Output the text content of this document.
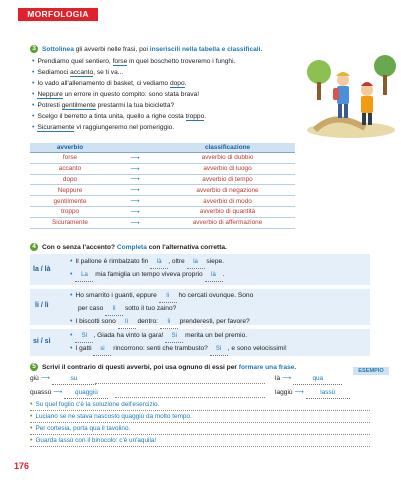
MORFOLOGIA
3 Sottolinea gli avverbi nelle frasi, poi inseriscili nella tabella e classificali.
• Prendiamo quel sentiero, forse in quel boschetto troveremo i funghi.
• Sediamoci accanto, se ti va...
• Io vado all'allenamento di basket, ci vediamo dopo.
• Neppure un errore in questo compito: sono stata brava!
• Potresti gentilmente prestarmi la tua bicicletta?
• Scelgo il berretto a tinta unita, quello a righe costa troppo.
• Sicuramente vi raggiungeremo nel pomeriggio.
avverbio		classificazione
forse	⟶	avverbio di dubbio
accanto	⟶	avverbio di luogo
dopo	⟶	avverbio di tempo
Neppure	⟶	avverbio di negazione
gentilmente	⟶	avverbio di modo
troppo	⟶	avverbio di quantità
Sicuramente	⟶	avverbio di affermazione
4 Con o senza l'accento? Completa con l'alternativa corretta.
la / là
• Il pallone è rimbalzato fin là , oltre la siepe.
• La mia famiglia un tempo viveva proprio là .
li / lì
• Ho smarrito i guanti, eppure li ho cercati ovunque. Sono
per caso lì sotto il tuo zaino?
• I biscotti sono lì dentro: li prenderesti, per favore?
si / sì
• Sì , Giada ha vinto la gara! Si merita un bel premio.
• I gatti si rincorrono: senti che trambusto? Sì , e sono velocissimi!
5 Scrivi il contrario di questi avverbi, poi usa ognuno di essi per formare una frase.	ESEMPIO
giù ⟶	su	là ⟶	qua
quassù ⟶ quaggiù	laggiù ⟶	lassù
• Su quel foglio c'è la soluzione dell'esercizio.
• Luciano se ne stava nascosto quaggiù da molto tempo.
• Per cortesia, porta qua il tavolino.
• Guarda lassù con il binocolo: c'è un'aquila!
176
